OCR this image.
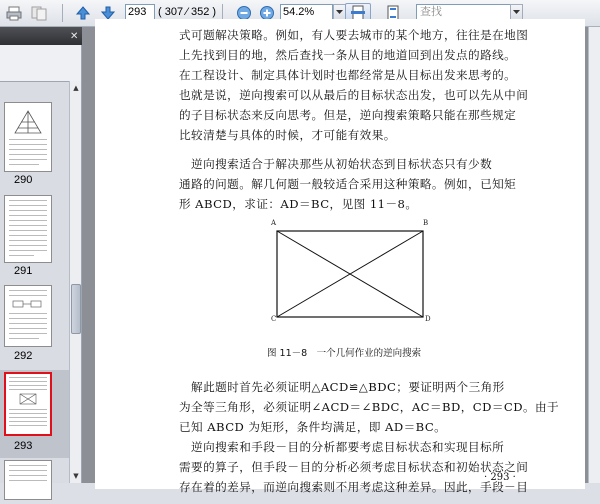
293	( 307 ⁄ 352 )	54.2%	查找
✕
290
291
292
293
▲
▼
式可题解决策略。例如，有人要去城市的某个地方，往往是在地图
上先找到目的地，然后查找一条从目的地道回到出发点的路线。
在工程设计、制定具体计划时也都经常是从目标出发来思考的。
也就是说，逆向搜索可以从最后的目标状态出发，也可以先从中间
的子目标状态来反向思考。但是，逆向搜索策略只能在那些规定
比较清楚与具体的时候，才可能有效果。
　逆向搜索适合于解决那些从初始状态到目标状态只有少数
通路的问题。解几何题一般较适合采用这种策略。例如，已知矩
形 ABCD，求证：AD＝BC，见图 11－8。
A	B
C	D
图 11－8　一个几何作业的逆向搜索
　解此题时首先必须证明△ACD≌△BDC；要证明两个三角形
为全等三角形，必须证明∠ACD＝∠BDC，AC＝BD，CD＝CD。由于
已知 ABCD 为矩形，条件均满足，即 AD＝BC。
　逆向搜索和手段－目的分析都要考虑目标状态和实现目标所
需要的算子，但手段－目的分析必须考虑目标状态和初始状态之间
存在着的差异，而逆向搜索则不用考虑这种差异。因此，手段－目
· 293 ·
